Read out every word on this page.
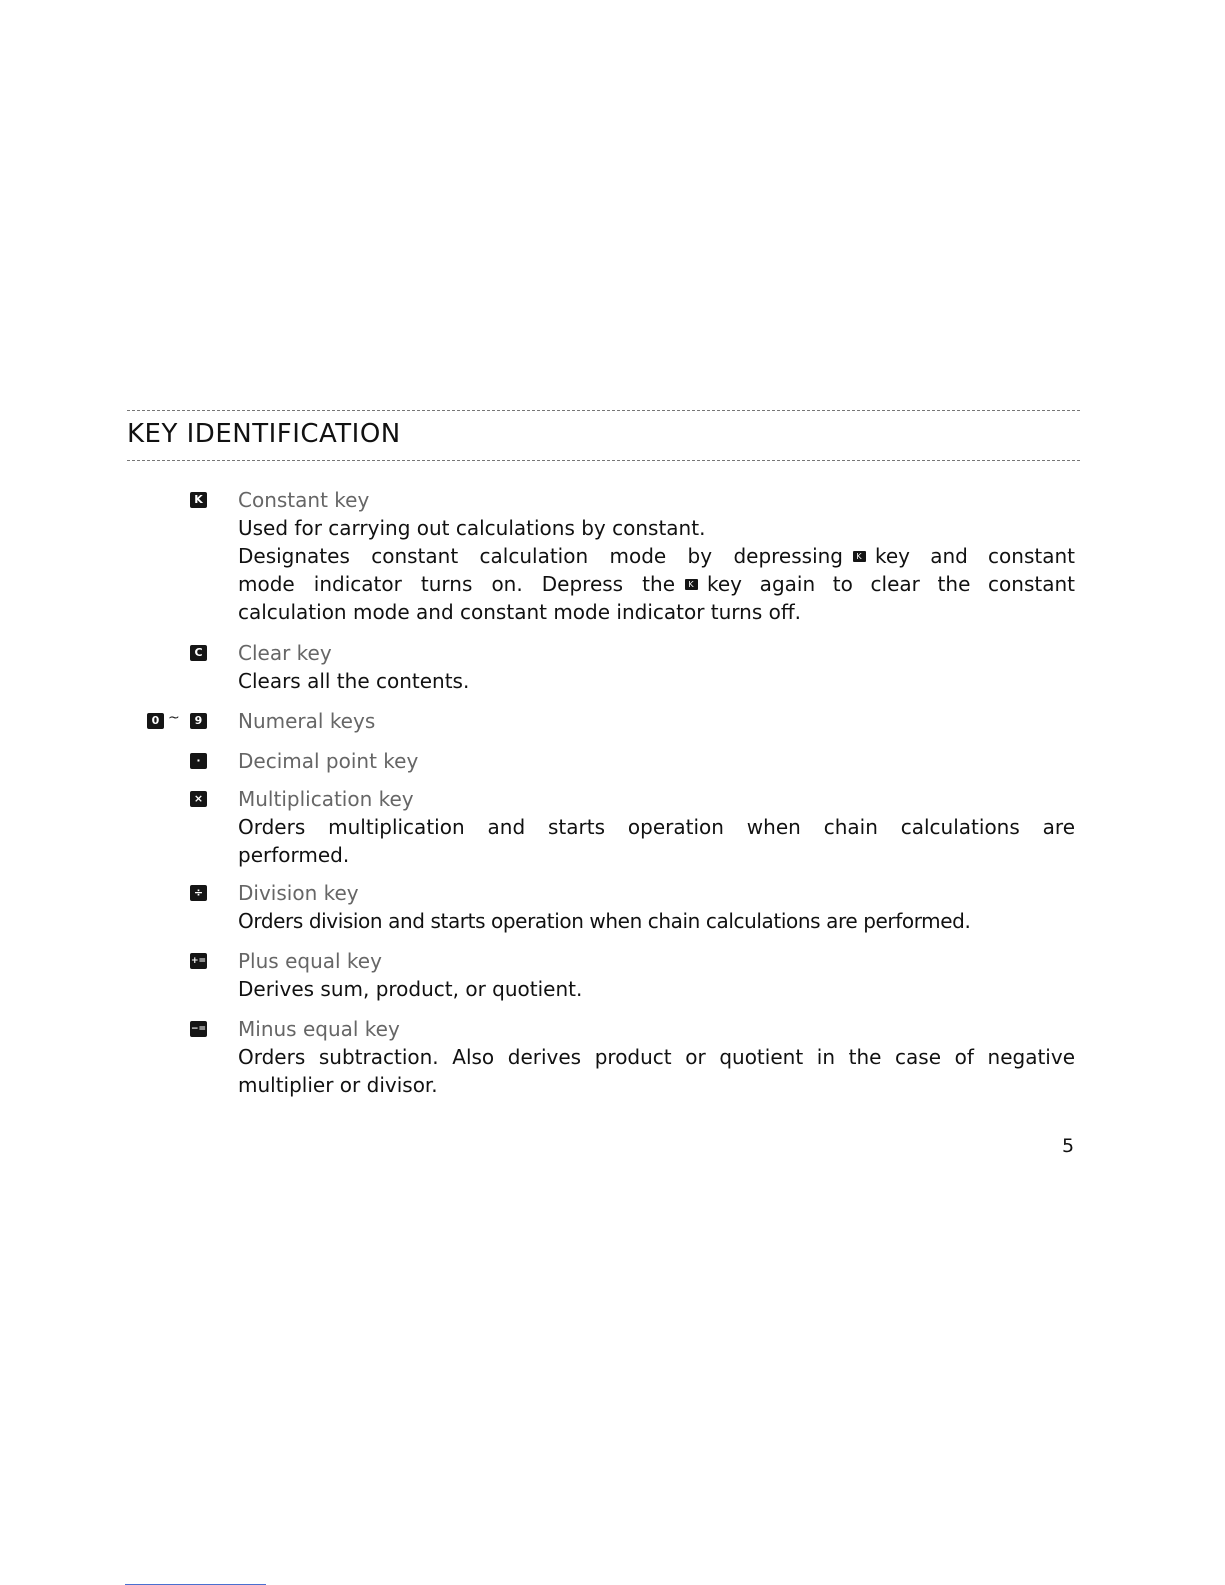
KEY IDENTIFICATION
K Constant key
Used for carrying out calculations by constant.
Designates constant calculation mode by depressing	K key and constant
mode indicator turns on. Depress the	K key again to clear the constant
calculation mode and constant mode indicator turns off.
C Clear key
Clears all the contents.
0 ~	9 Numeral keys
·	Decimal point key
× Multiplication key
Orders multiplication and starts operation when chain calculations are
performed.
÷ Division key
Orders division and starts operation when chain calculations are performed.
+= Plus equal key
Derives sum, product, or quotient.
−= Minus equal key
Orders subtraction. Also derives product or quotient in the case of negative
multiplier or divisor.
5
